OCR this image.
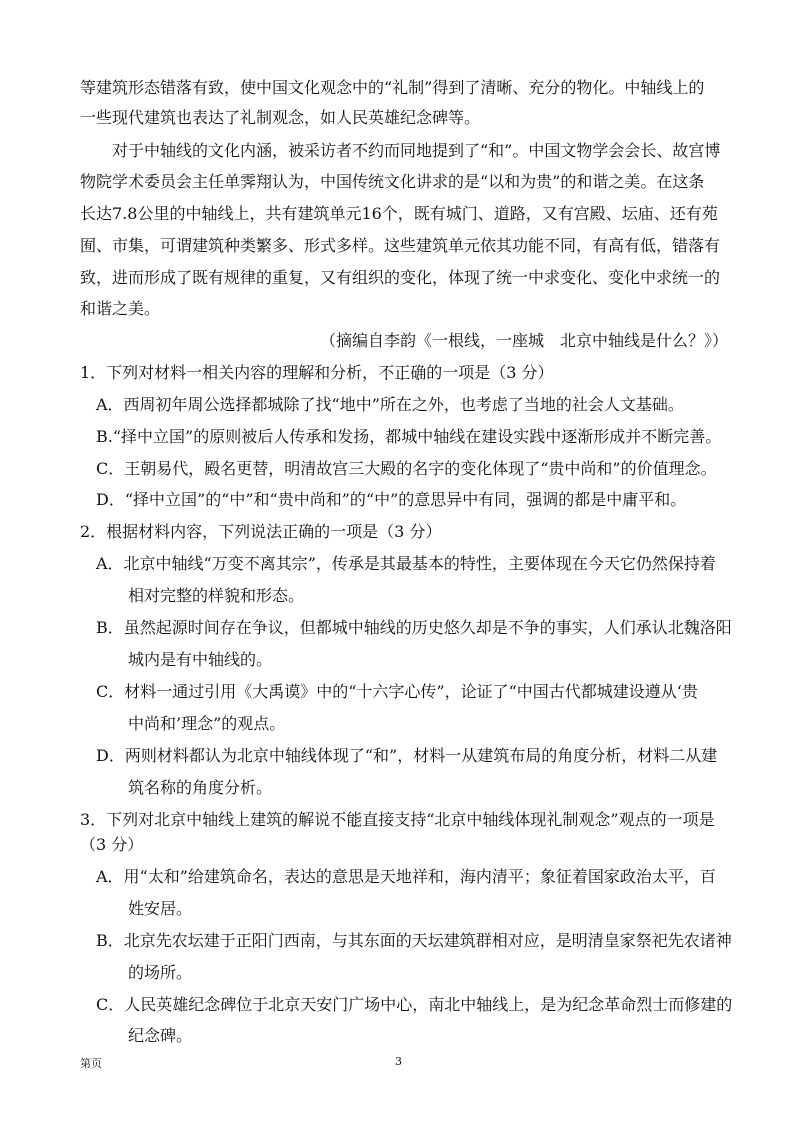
等建筑形态错落有致，使中国文化观念中的“礼制”得到了清晰、充分的物化。中轴线上的
一些现代建筑也表达了礼制观念，如人民英雄纪念碑等。
对于中轴线的文化内涵，被采访者不约而同地提到了“和”。中国文物学会会长、故宫博
物院学术委员会主任单霁翔认为，中国传统文化讲求的是“以和为贵”的和谐之美。在这条
长达7.8公里的中轴线上，共有建筑单元16个，既有城门、道路，又有宫殿、坛庙、还有苑
囿、市集，可谓建筑种类繁多、形式多样。这些建筑单元依其功能不同，有高有低，错落有
致，进而形成了既有规律的重复，又有组织的变化，体现了统一中求变化、变化中求统一的
和谐之美。
（摘编自李韵《一根线，一座城　北京中轴线是什么？》）
1．下列对材料一相关内容的理解和分析，不正确的一项是（3 分）
A．西周初年周公选择都城除了找“地中”所在之外，也考虑了当地的社会人文基础。
B.“择中立国”的原则被后人传承和发扬，都城中轴线在建设实践中逐渐形成并不断完善。
C．王朝易代，殿名更替，明清故宫三大殿的名字的变化体现了“贵中尚和”的价值理念。
D．“择中立国”的“中”和“贵中尚和”的“中”的意思异中有同，强调的都是中庸平和。
2．根据材料内容，下列说法正确的一项是（3 分）
A．北京中轴线“万变不离其宗”，传承是其最基本的特性，主要体现在今天它仍然保持着
相对完整的样貌和形态。
B．虽然起源时间存在争议，但都城中轴线的历史悠久却是不争的事实，人们承认北魏洛阳
城内是有中轴线的。
C．材料一通过引用《大禹谟》中的“十六字心传”，论证了“中国古代都城建设遵从‘贵
中尚和’理念”的观点。
D．两则材料都认为北京中轴线体现了“和”，材料一从建筑布局的角度分析，材料二从建
筑名称的角度分析。
3．下列对北京中轴线上建筑的解说不能直接支持“北京中轴线体现礼制观念”观点的一项是
（3 分）
A．用“太和”给建筑命名，表达的意思是天地祥和，海内清平；象征着国家政治太平，百
姓安居。
B．北京先农坛建于正阳门西南，与其东面的天坛建筑群相对应，是明清皇家祭祀先农诸神
的场所。
C．人民英雄纪念碑位于北京天安门广场中心，南北中轴线上，是为纪念革命烈士而修建的
纪念碑。
第页	3
